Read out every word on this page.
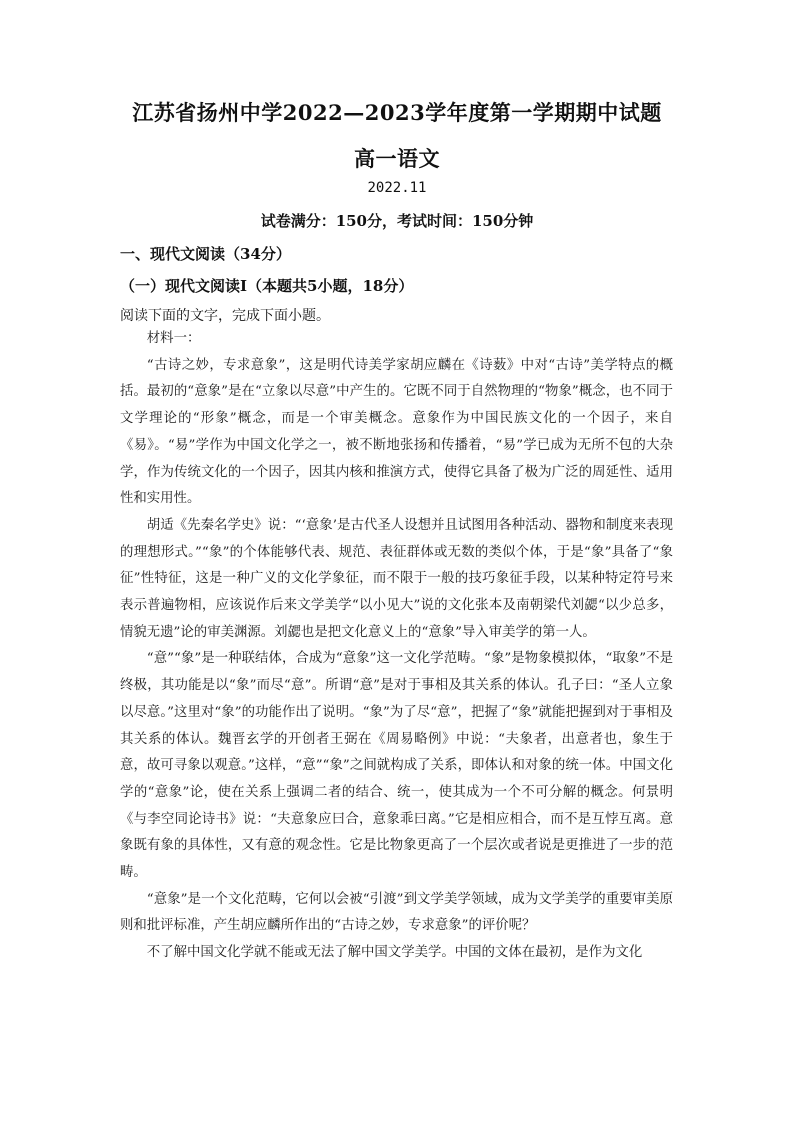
江苏省扬州中学2022—2023学年度第一学期期中试题
高一语文
2022.11
试卷满分：150分，考试时间：150分钟
一、现代文阅读（34分）
（一）现代文阅读Ⅰ（本题共5小题，18分）
阅读下面的文字，完成下面小题。

材料一：

“古诗之妙，专求意象”，这是明代诗美学家胡应麟在《诗薮》中对“古诗”美学特点的概括。最初的“意象”是在“立象以尽意”中产生的。它既不同于自然物理的“物象”概念，也不同于文学理论的“形象”概念，而是一个审美概念。意象作为中国民族文化的一个因子，来自《易》。“易”学作为中国文化学之一，被不断地张扬和传播着，“易”学已成为无所不包的大杂学，作为传统文化的一个因子，因其内核和推演方式，使得它具备了极为广泛的周延性、适用性和实用性。

胡适《先秦名学史》说：“‘意象’是古代圣人设想并且试图用各种活动、器物和制度来表现的理想形式。”“象”的个体能够代表、规范、表征群体或无数的类似个体，于是“象”具备了“象征”性特征，这是一种广义的文化学象征，而不限于一般的技巧象征手段，以某种特定符号来表示普遍物相，应该说作后来文学美学“以小见大”说的文化张本及南朝梁代刘勰“以少总多，情貌无遗”论的审美渊源。刘勰也是把文化意义上的“意象”导入审美学的第一人。

“意”“象”是一种联结体，合成为“意象”这一文化学范畴。“象”是物象模拟体，“取象”不是终极，其功能是以“象”而尽“意”。所谓“意”是对于事相及其关系的体认。孔子曰：“圣人立象以尽意。”这里对“象”的功能作出了说明。“象”为了尽“意”，把握了“象”就能把握到对于事相及其关系的体认。魏晋玄学的开创者王弼在《周易略例》中说：“夫象者，出意者也，象生于意，故可寻象以观意。”这样，“意”“象”之间就构成了关系，即体认和对象的统一体。中国文化学的“意象”论，使在关系上强调二者的结合、统一，使其成为一个不可分解的概念。何景明《与李空同论诗书》说：“夫意象应曰合，意象乖曰离。”它是相应相合，而不是互悖互离。意象既有象的具体性，又有意的观念性。它是比物象更高了一个层次或者说是更推进了一步的范畴。

“意象”是一个文化范畴，它何以会被“引渡”到文学美学领域，成为文学美学的重要审美原则和批评标准，产生胡应麟所作出的“古诗之妙，专求意象”的评价呢？

不了解中国文化学就不能或无法了解中国文学美学。中国的文体在最初，是作为文化
